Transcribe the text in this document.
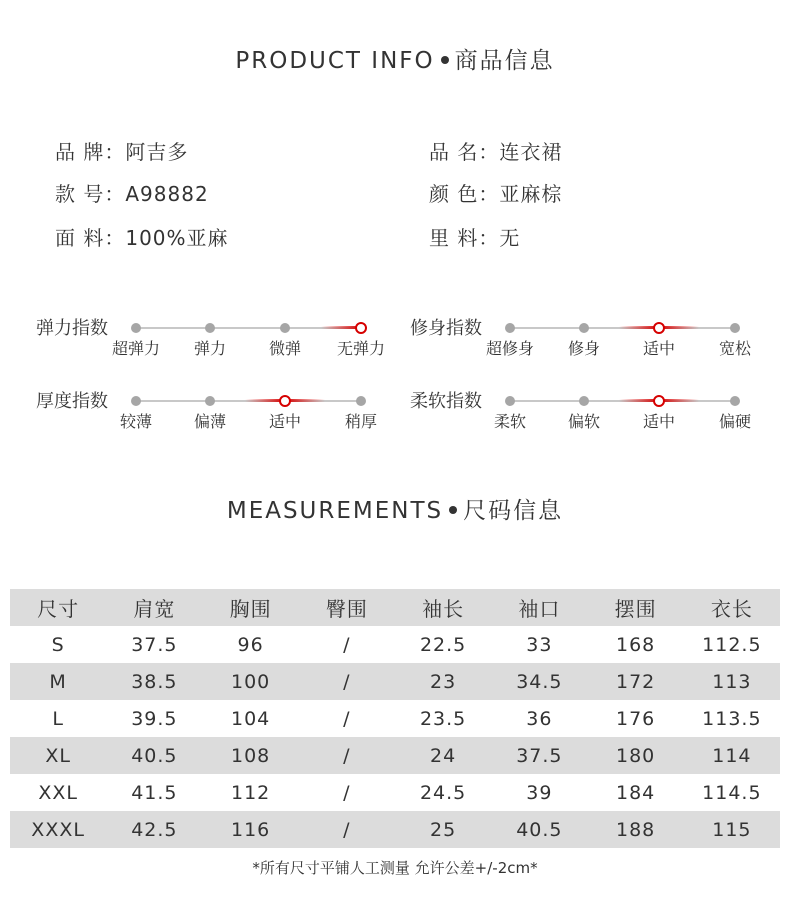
PRODUCT INFO 商品信息
品 牌：阿吉多
款 号：A98882
面 料：100%亚麻
品 名：连衣裙
颜 色：亚麻棕
里 料：无
弹力指数
超弹力 弹力	微弹 无弹力
修身指数
超修身 修身	适中	宽松
厚度指数
较薄	偏薄	适中	稍厚
柔软指数
柔软	偏软	适中	偏硬
MEASUREMENTS 尺码信息
尺寸	肩宽	胸围	臀围	袖长	袖口	摆围	衣长
S	37.5	96	/	22.5	33	168	112.5
M	38.5	100	/	23	34.5	172	113
L	39.5	104	/	23.5	36	176	113.5
XL	40.5	108	/	24	37.5	180	114
XXL	41.5	112	/	24.5	39	184	114.5
XXXL	42.5	116	/	25	40.5	188	115
*所有尺寸平铺人工测量 允许公差+/-2cm*
